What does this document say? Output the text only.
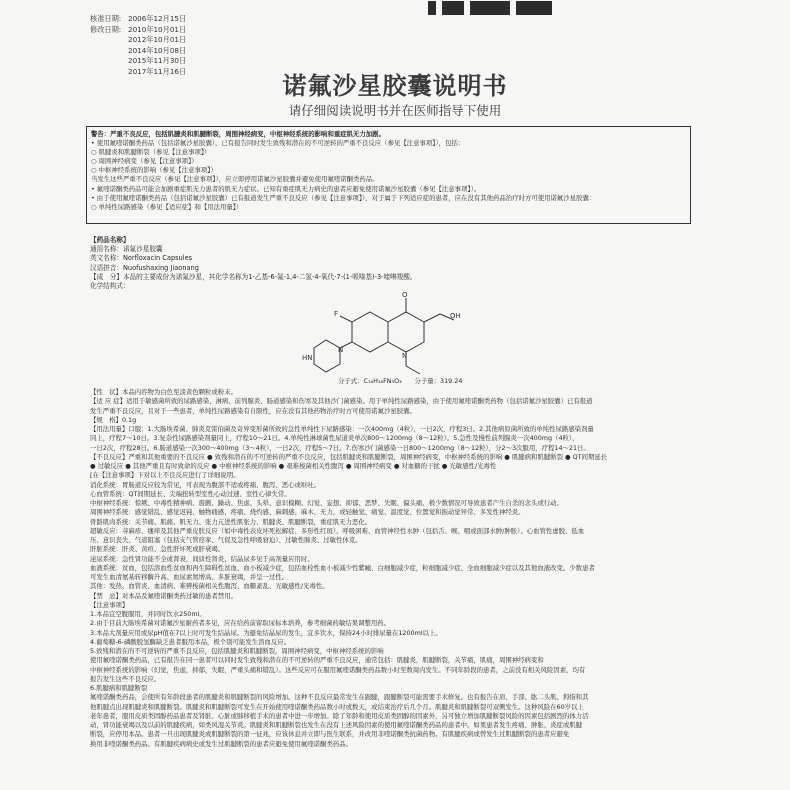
核准日期: 2006年12月15日
修改日期: 2010年10月01日
2012年10月01日
2014年10月08日
2015年11月30日
2017年11月16日
诺氟沙星胶囊说明书
请仔细阅读说明书并在医师指导下使用

警告：严重不良反应，包括肌腱炎和肌腱断裂，周围神经病变，中枢神经系统的影响和重症肌无力加剧。

• 使用氟喹诺酮类药品（包括诺氟沙星胶囊），已有报告同时发生致残和潜在的不可逆转的严重不良反应（参见【注意事项】），包括：

○ 肌腱炎和肌腱断裂（参见【注意事项】）

○ 周围神经病变（参见【注意事项】）

○ 中枢神经系统的影响（参见【注意事项】）

当发生这些严重不良反应（参见【注意事项】），应立即停用诺氟沙星胶囊并避免使用氟喹诺酮类药品。

• 氟喹诺酮类药品可能会加剧重症肌无力患者的肌无力症状。已知有重症肌无力病史的患者应避免使用诺氟沙星胶囊（参见【注意事项】）。

• 由于使用氟喹诺酮类药品（包括诺氟沙星胶囊）已有报道发生严重不良反应（参见【注意事项】），对于属于下列适应症的患者，应在没有其他药品治疗时方可使用诺氟沙星胶囊：

○ 单纯性尿路感染（参见【适应症】和【用法用量】）

【药品名称】

通用名称：诺氟沙星胶囊

英文名称：Norfloxacin Capsules

汉语拼音：Nuofushaxing Jiaonang

【成　分】本品的主要成份为诺氟沙星，其化学名称为1-乙基-6-氟-1,4-二氢-4-氧代-7-(1-哌嗪基)-3-喹啉羧酸。

化学结构式：

O
F	OH
N
N
HN
分子式：C₁₆H₁₈FN₃O₃　　分子量：319.24

【性　状】本品内容物为白色至淡黄色颗粒或粉末。

【适 应 症】适用于敏感菌所致的尿路感染、淋病、前列腺炎、肠道感染和伤寒及其他沙门菌感染。用于单纯性尿路感染，由于使用氟喹诺酮类药物（包括诺氟沙星胶囊）已有报道

发生严重不良反应，且对于一些患者，单纯性尿路感染有自限性，应在没有其他药物治疗时方可使用诺氟沙星胶囊。

【规　格】0.1g

【用法用量】口服：1.大肠埃希菌、肺炎克雷伯菌及奇异变形菌所致的急性单纯性下尿路感染：一次400mg（4粒），一日2次，疗程3日。2.其他病原菌所致的单纯性尿路感染剂量

同上，疗程7～10日。3.复杂性尿路感染剂量同上，疗程10～21日。4.单纯性淋球菌性尿道炎单次800～1200mg（8～12粒）。5.急性及慢性前列腺炎一次400mg（4粒），

一日2次，疗程28日。6.肠道感染一次300～400mg（3～4粒），一日2次，疗程5～7日。7.伤寒沙门菌感染一日800～1200mg（8～12粒），分2～3次服用，疗程14～21日。

【不良反应】严重和其他重要的不良反应 ● 致残和潜在的不可逆转的严重不良反应，包括肌腱炎和肌腱断裂，周围神经病变，中枢神经系统的影响 ● 肌腱病和肌腱断裂 ● QT间期延长

● 过敏反应 ● 其他严重且有时致命的反应 ● 中枢神经系统的影响 ● 艰难梭菌相关性腹泻 ● 周围神经病变 ● 对血糖的干扰 ● 光敏感性/光毒性

[在【注意事项】下对以上不良反应进行了详细说明。

消化系统：胃肠道反应较为常见，可表现为腹部不适或疼痛、腹泻、恶心或呕吐。

心血管系统：QT间期延长、尖端扭转型室性心动过速、室性心律失常。

中枢神经系统：惊厥、中毒性精神病、震颤、躁动、焦虑、头晕、意识模糊、幻觉、妄想、抑郁、恶梦、失眠、偏头痛、极少数情况可导致患者产生自杀的念头或行动。

周围神经系统：感觉错乱、感觉迟钝、触物痛感、疼痛、烧灼感、麻刺感、麻木、无力，或轻触觉、痛觉、温度觉、位置觉和振动觉异常、多发性神经炎。

骨骼肌肉系统：关节痛、肌痛、肌无力、张力亢进性肌张力、肌腱炎、肌腱断裂，重症肌无力恶化。

超敏反应：荨麻疹、瘙痒及其他严重皮肤反应（如中毒性表皮坏死松解症、多形性红斑）、呼吸困难、血管神经性水肿（包括舌、喉、咽或面部水肿/肿胀）、心血管性虚脱、低血

压、意识丧失、气道阻塞（包括支气管痉挛、气促及急性呼吸窘迫）、过敏性肺炎、过敏性休克。

肝脏系统：肝炎、黄疸、急性肝坏死或肝衰竭。

泌尿系统：急性肾功能不全或肾衰，间质性肾炎、结晶尿多见于高剂量应用时。

血液系统：贫血，包括溶血性贫血和再生障碍性贫血、血小板减少症，包括血栓性血小板减少性紫癜、白细胞减少症，粒细胞减少症、全血细胞减少症以及其他血液改变。少数患者

可发生血清氨基转移酶升高、血尿素氮增高、多脏衰竭，并呈一过性。

其他：发热、血管炎、血清病、难辨梭菌相关性腹泻、血糖紊乱、光敏感性/光毒性。

【禁　忌】对本品及氟喹诺酮类药过敏的患者禁用。

【注意事项】

1.本品宜空腹服用，并同时饮水250ml。

2.由于目前大肠埃希菌对诺氟沙星耐药者多见，应在给药前留取尿标本培养，参考细菌药敏结果调整用药。

3.本品大剂量应用或尿pH值在7以上时可发生结晶尿。为避免结晶尿的发生，宜多饮水，保持24小时排尿量在1200ml以上。

4.葡萄糖-6-磷酸脱氢酶缺乏患者服用本品，极个别可能发生溶血反应。

5.致残和潜在的不可逆转的严重不良反应，包括肌腱炎和肌腱断裂，周围神经病变，中枢神经系统的影响

使用氟喹诺酮类药品，已有报告在同一患者可以同时发生致残和潜在的不可逆转的严重不良反应，通常包括：肌腱炎，肌腱断裂，关节痛，肌痛，周围神经病变和

中枢神经系统的影响（幻觉，焦虑，抑郁，失眠，严重头痛和错乱）。这些反应可在服用氟喹诺酮类药品数小时至数周内发生。不同年龄段的患者，之前没有相关风险因素，均有

报告发生这些不良反应。

6.肌腱病和肌腱断裂

氟喹诺酮类药品，会使所有年龄段患者的肌腱炎和肌腱断裂的风险增加。这种不良反应最常发生在跟腱，跟腱断裂可能需要手术修复。也有报告在肩、手部、肱二头肌、拇指和其

他肌腱点出现肌腱炎和肌腱断裂。肌腱炎和肌腱断裂可发生在开始使用喹诺酮类药品数小时或数天，或结束治疗后几个月。肌腱炎和肌腱断裂可双侧发生。这种风险在60岁以上

老年患者，服用皮质类固醇药品患者及肾脏、心脏或肺移植手术的患者中进一步增加。除了年龄和使用皮质类固醇的因素外，另可独立增加肌腱断裂风险的因素包括剧烈的体力活

动，肾功能衰竭以及以前的肌腱疾病，如类风湿关节炎。肌腱炎和肌腱断裂也发生在没有上述风险因素的使用氟喹诺酮类药品的患者中。如果患者发生疼痛、肿胀、炎症或肌腱

断裂，应停用本品。患者一旦出现肌腱炎或肌腱断裂的第一征兆，应该休息并立即与医生联系，并改用非喹诺酮类抗菌药物。有肌腱疾病或曾发生过肌腱断裂的患者应避免

换用非喹诺酮类药品。有肌腱疾病病史或发生过肌腱断裂的患者应避免使用氟喹诺酮类药品。
